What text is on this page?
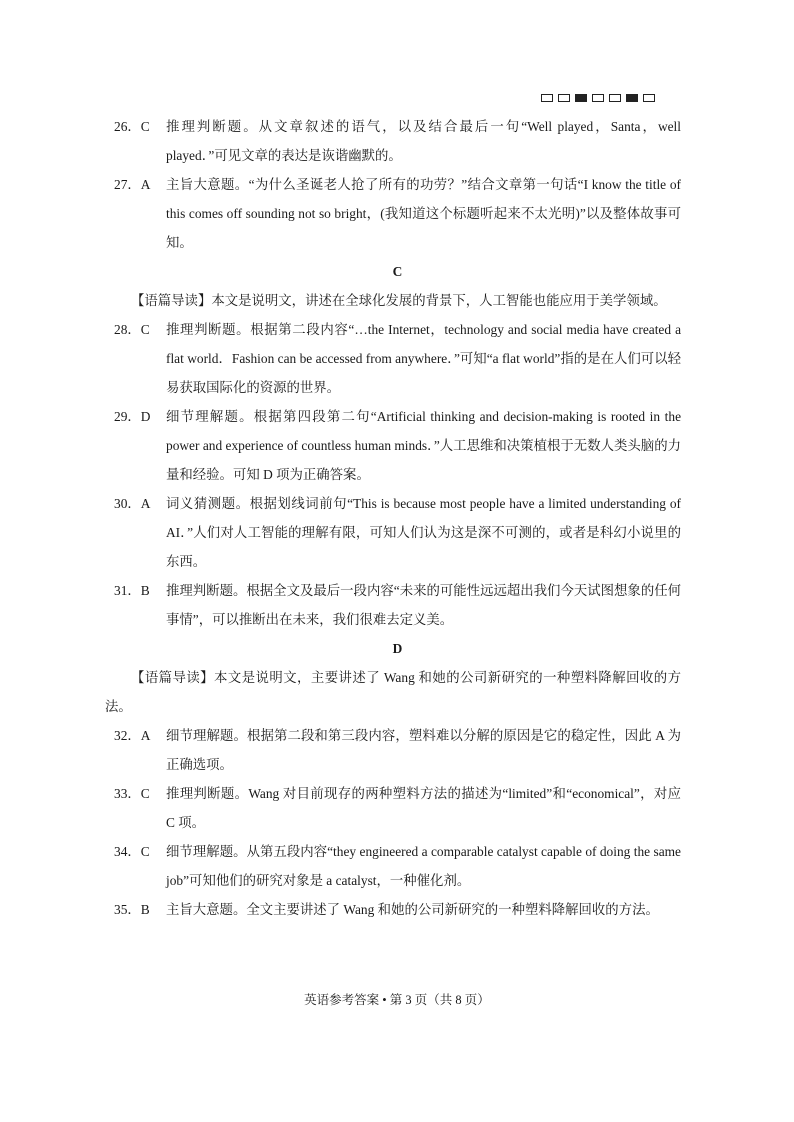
26．C	推理判断题。从文章叙述的语气，以及结合最后一句“Well played，Santa，well played．”可见文章的表达是诙谐幽默的。
27．A	主旨大意题。“为什么圣诞老人抢了所有的功劳？”结合文章第一句话“I know the title of this comes off sounding not so bright，(我知道这个标题听起来不太光明)”以及整体故事可知。
C
【语篇导读】本文是说明文，讲述在全球化发展的背景下，人工智能也能应用于美学领域。
28．C	推理判断题。根据第二段内容“…the Internet，technology and social media have created a flat world．Fashion can be accessed from anywhere．”可知“a flat world”指的是在人们可以轻易获取国际化的资源的世界。
29．D	细节理解题。根据第四段第二句“Artificial thinking and decision-making is rooted in the power and experience of countless human minds．”人工思维和决策植根于无数人类头脑的力量和经验。可知 D 项为正确答案。
30．A	词义猜测题。根据划线词前句“This is because most people have a limited understanding of AI．”人们对人工智能的理解有限，可知人们认为这是深不可测的，或者是科幻小说里的东西。
31．B	推理判断题。根据全文及最后一段内容“未来的可能性远远超出我们今天试图想象的任何事情”，可以推断出在未来，我们很难去定义美。
D
【语篇导读】本文是说明文，主要讲述了 Wang 和她的公司新研究的一种塑料降解回收的方法。
32．A	细节理解题。根据第二段和第三段内容，塑料难以分解的原因是它的稳定性，因此 A 为正确选项。
33．C	推理判断题。Wang 对目前现存的两种塑料方法的描述为“limited”和“economical”，对应 C 项。
34．C	细节理解题。从第五段内容“they engineered a comparable catalyst capable of doing the same job”可知他们的研究对象是 a catalyst，一种催化剂。
35．B	主旨大意题。全文主要讲述了 Wang 和她的公司新研究的一种塑料降解回收的方法。
英语参考答案 • 第 3 页（共 8 页）
